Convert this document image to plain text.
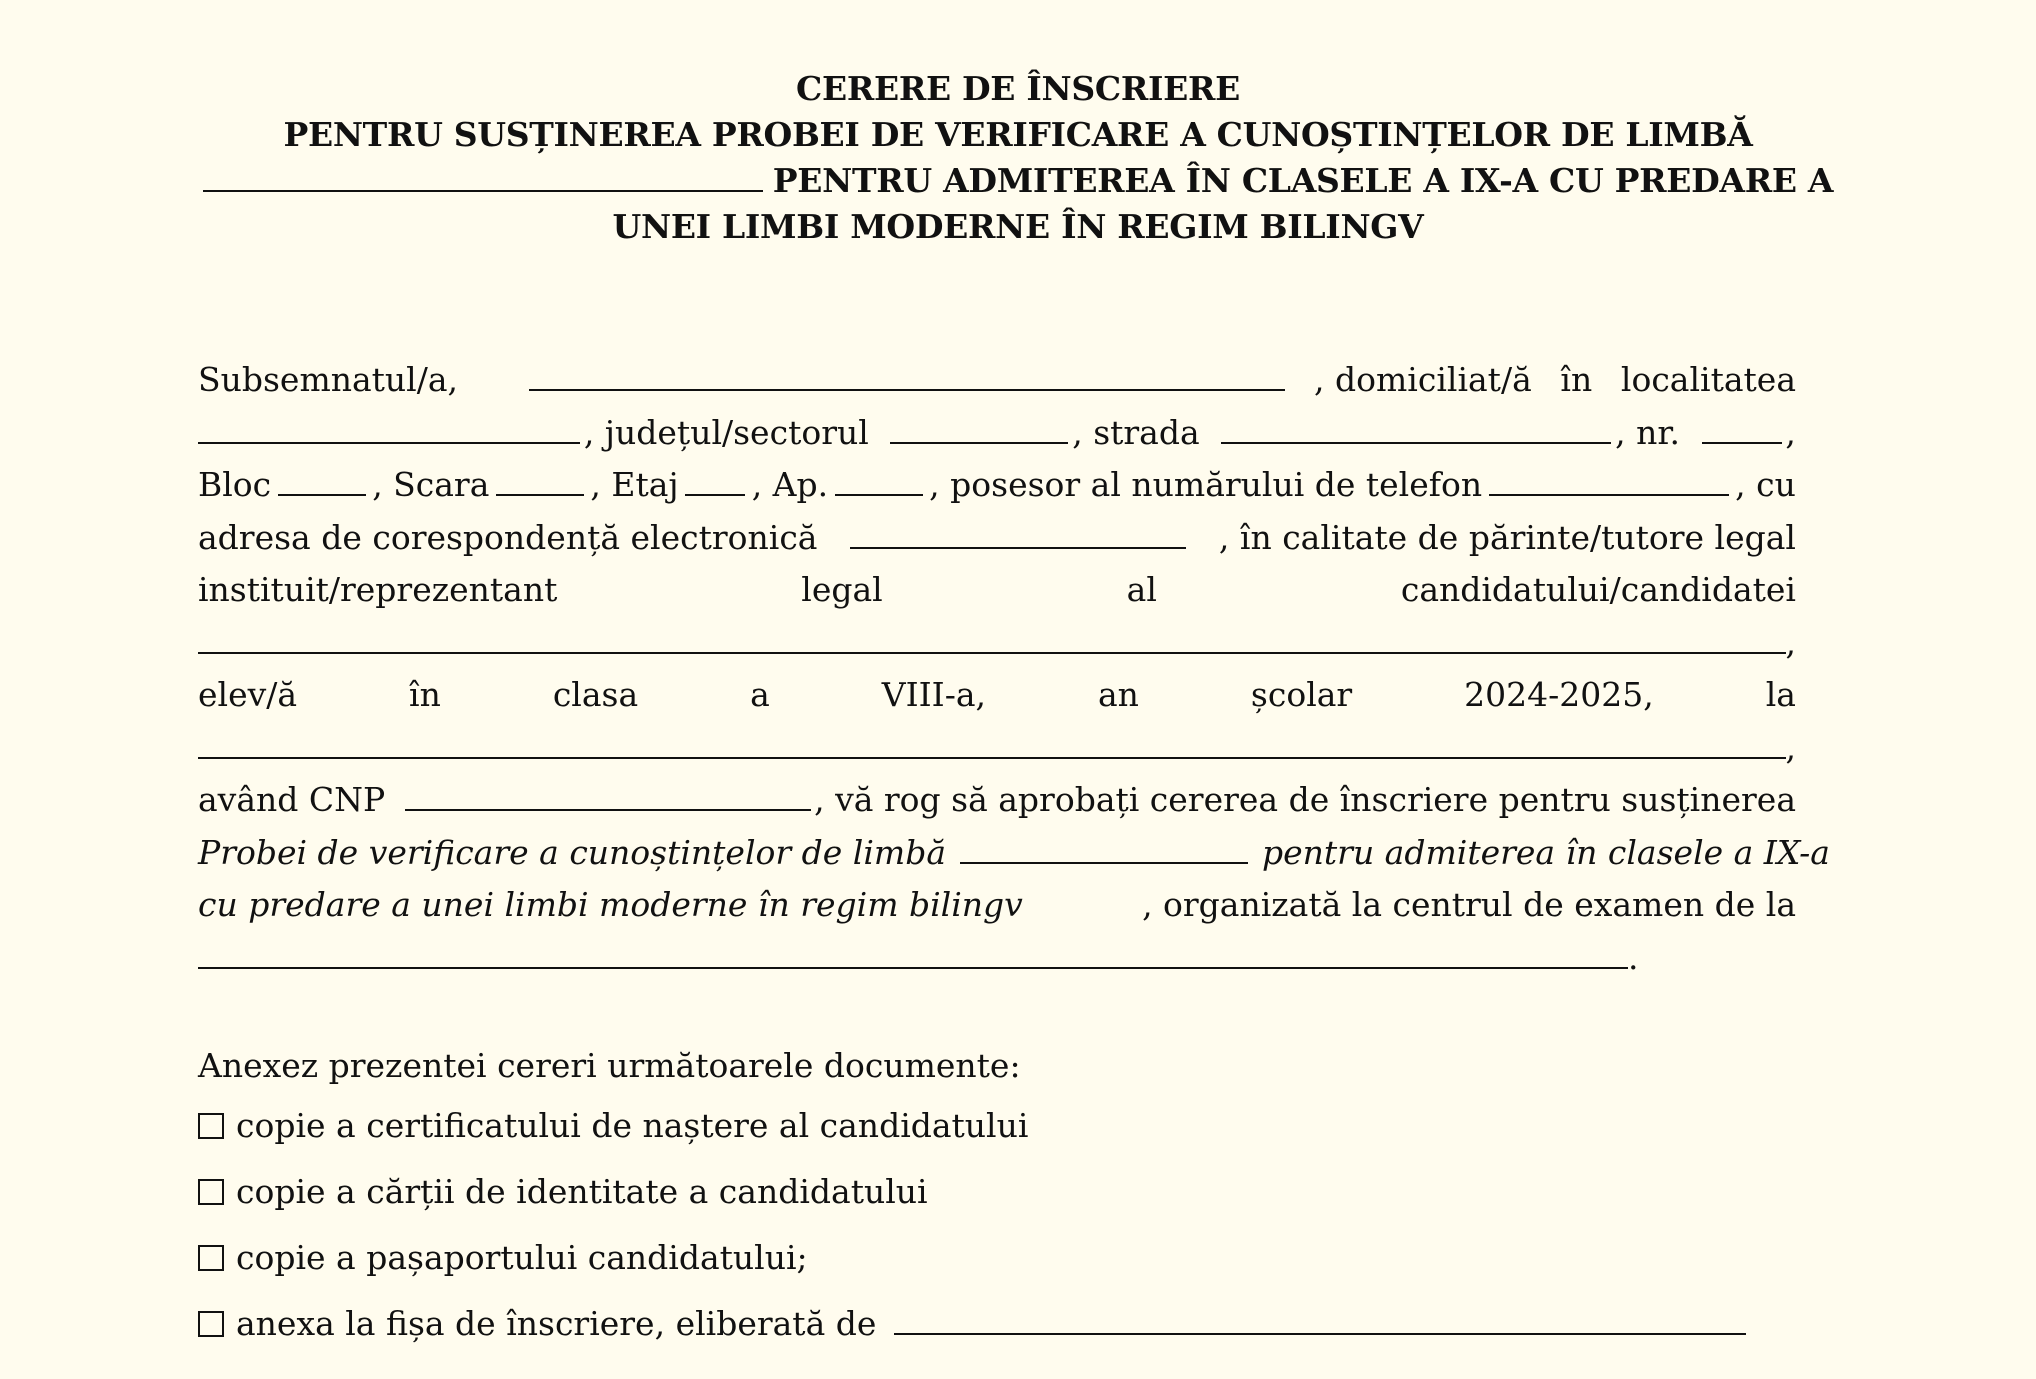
CERERE DE ÎNSCRIERE
PENTRU SUSȚINEREA PROBEI DE VERIFICARE A CUNOȘTINȚELOR DE LIMBĂ
PENTRU ADMITEREA ÎN CLASELE A IX-A CU PREDARE A
UNEI LIMBI MODERNE ÎN REGIM BILINGV
Subsemnatul/a,	, domiciliat/ă în localitatea
, județul/sectorul	, strada	, nr.	,
Bloc	, Scara	, Etaj , Ap.	, posesor al numărului de telefon	, cu
adresa de corespondență electronică	, în calitate de părinte/tutore legal
instituit/reprezentant	legal	al	candidatului/candidatei
,
elev/ă	în	clasa	a	VIII-a,	an	școlar	2024-2025,	la
,
având CNP	, vă rog să aprobați cererea de înscriere pentru susținerea
Probei de verificare a cunoștințelor de limbă	pentru admiterea în clasele a IX-a
cu predare a unei limbi moderne în regim bilingv	, organizată la centrul de examen de la
.
Anexez prezentei cereri următoarele documente:
copie a certificatului de naștere al candidatului
copie a cărții de identitate a candidatului
copie a pașaportului candidatului;
anexa la fișa de înscriere, eliberată de
